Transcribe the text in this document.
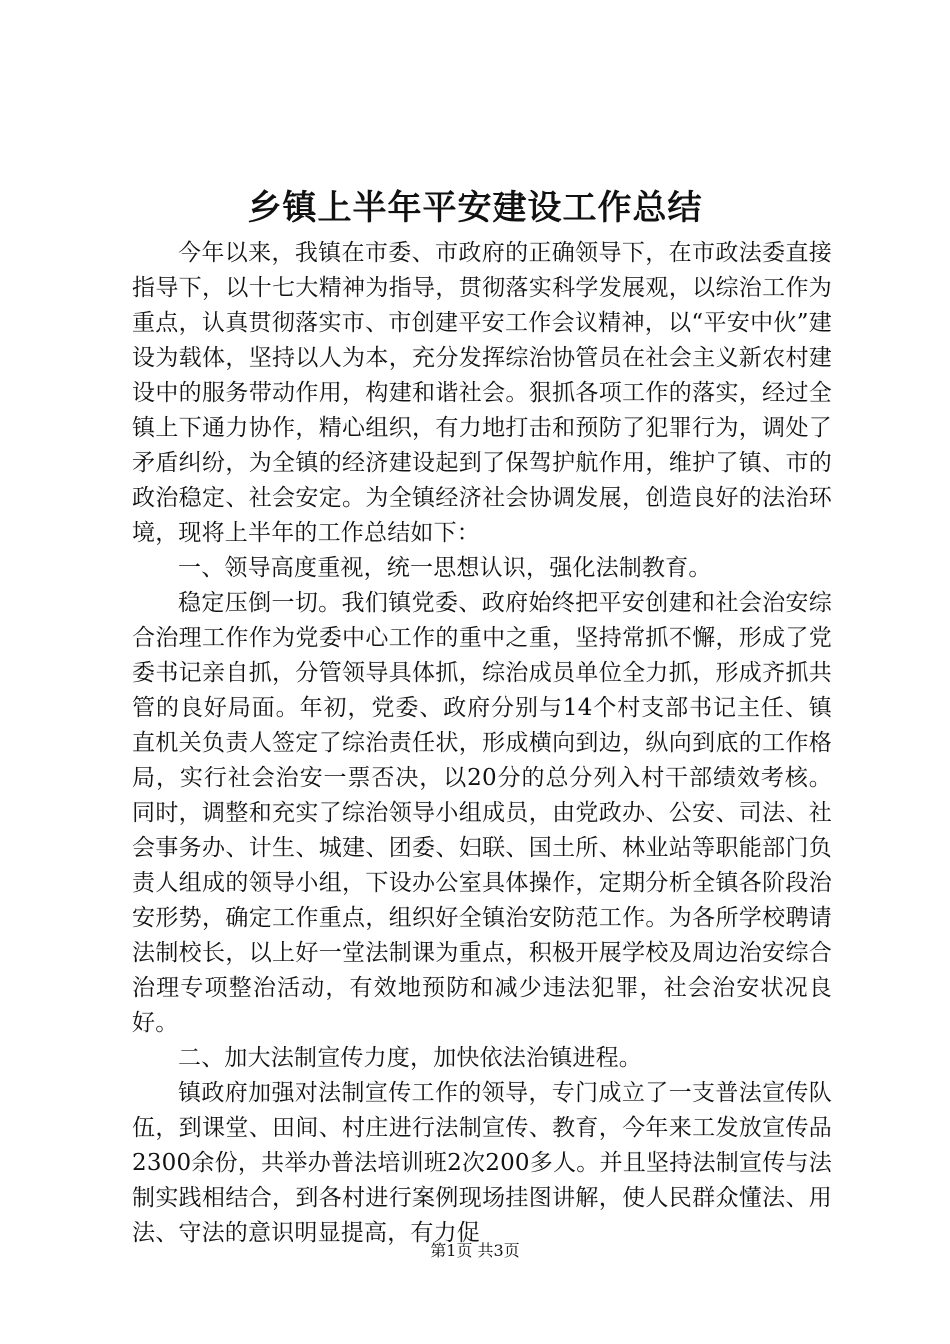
乡镇上半年平安建设工作总结

今年以来，我镇在市委、市政府的正确领导下，在市政法委直接指导下，以十七大精神为指导，贯彻落实科学发展观，以综治工作为重点，认真贯彻落实市、市创建平安工作会议精神，以“平安中伙”建设为载体，坚持以人为本，充分发挥综治协管员在社会主义新农村建设中的服务带动作用，构建和谐社会。狠抓各项工作的落实，经过全镇上下通力协作，精心组织，有力地打击和预防了犯罪行为，调处了矛盾纠纷，为全镇的经济建设起到了保驾护航作用，维护了镇、市的政治稳定、社会安定。为全镇经济社会协调发展，创造良好的法治环境，现将上半年的工作总结如下：

一、领导高度重视，统一思想认识，强化法制教育。

稳定压倒一切。我们镇党委、政府始终把平安创建和社会治安综合治理工作作为党委中心工作的重中之重，坚持常抓不懈，形成了党委书记亲自抓，分管领导具体抓，综治成员单位全力抓，形成齐抓共管的良好局面。年初，党委、政府分别与14个村支部书记主任、镇直机关负责人签定了综治责任状，形成横向到边，纵向到底的工作格局，实行社会治安一票否决，以20分的总分列入村干部绩效考核。同时，调整和充实了综治领导小组成员，由党政办、公安、司法、社会事务办、计生、城建、团委、妇联、国土所、林业站等职能部门负责人组成的领导小组，下设办公室具体操作，定期分析全镇各阶段治安形势，确定工作重点，组织好全镇治安防范工作。为各所学校聘请法制校长，以上好一堂法制课为重点，积极开展学校及周边治安综合治理专项整治活动，有效地预防和减少违法犯罪，社会治安状况良好。

二、加大法制宣传力度，加快依法治镇进程。

镇政府加强对法制宣传工作的领导，专门成立了一支普法宣传队伍，到课堂、田间、村庄进行法制宣传、教育，今年来工发放宣传品2300余份，共举办普法培训班2次200多人。并且坚持法制宣传与法制实践相结合，到各村进行案例现场挂图讲解，使人民群众懂法、用法、守法的意识明显提高，有力促

第1页 共3页
